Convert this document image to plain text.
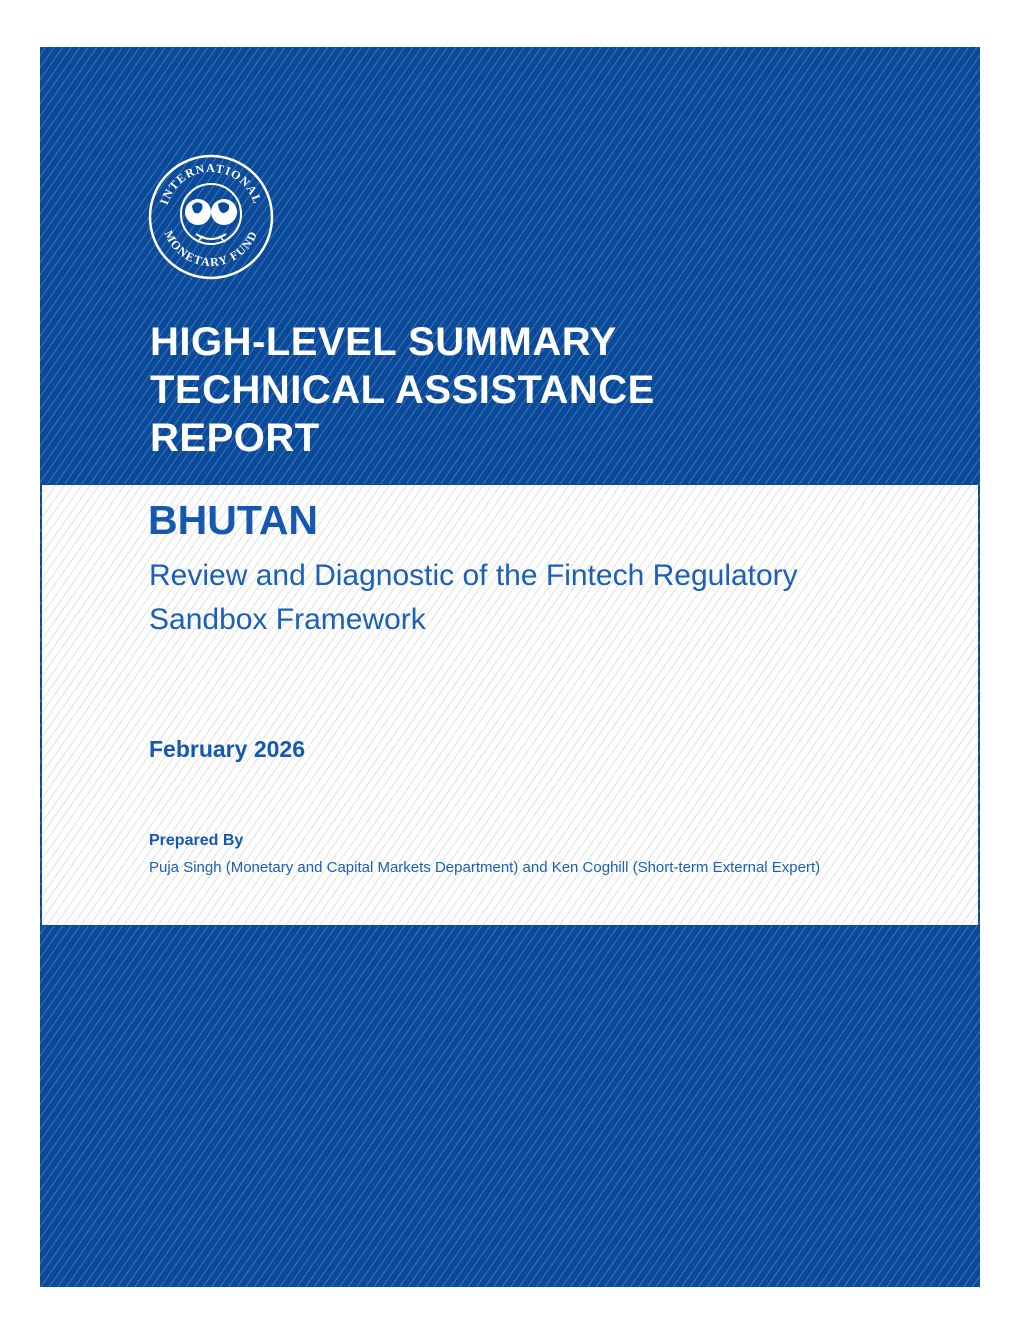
INTERNATIONAL
MONETARY FUND
HIGH-LEVEL SUMMARY
TECHNICAL ASSISTANCE
REPORT
BHUTAN

Review and Diagnostic of the Fintech Regulatory
Sandbox Framework

February 2026

Prepared By

Puja Singh (Monetary and Capital Markets Department) and Ken Coghill (Short-term External Expert)
